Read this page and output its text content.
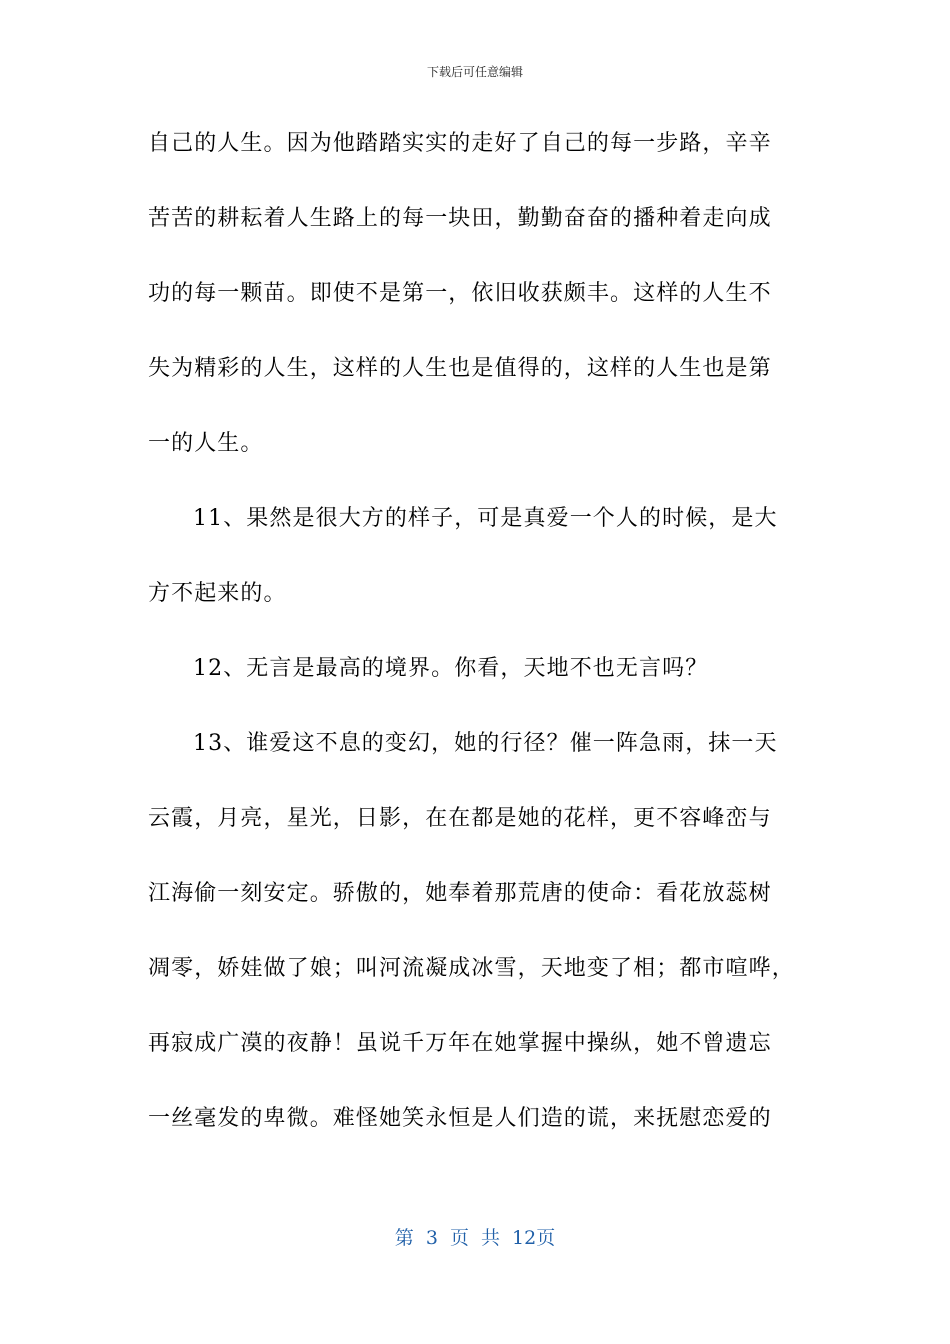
下载后可任意编辑
自己的人生。因为他踏踏实实的走好了自己的每一步路，辛辛
苦苦的耕耘着人生路上的每一块田，勤勤奋奋的播种着走向成
功的每一颗苗。即使不是第一，依旧收获颇丰。这样的人生不
失为精彩的人生，这样的人生也是值得的，这样的人生也是第
一的人生。
11、果然是很大方的样子，可是真爱一个人的时候，是大
方不起来的。
12、无言是最高的境界。你看，天地不也无言吗？
13、谁爱这不息的变幻，她的行径？催一阵急雨，抹一天
云霞，月亮，星光，日影，在在都是她的花样，更不容峰峦与
江海偷一刻安定。骄傲的，她奉着那荒唐的使命：看花放蕊树
凋零，娇娃做了娘；叫河流凝成冰雪，天地变了相；都市喧哗，
再寂成广漠的夜静！虽说千万年在她掌握中操纵，她不曾遗忘
一丝毫发的卑微。难怪她笑永恒是人们造的谎，来抚慰恋爱的
第 3 页 共 12页
